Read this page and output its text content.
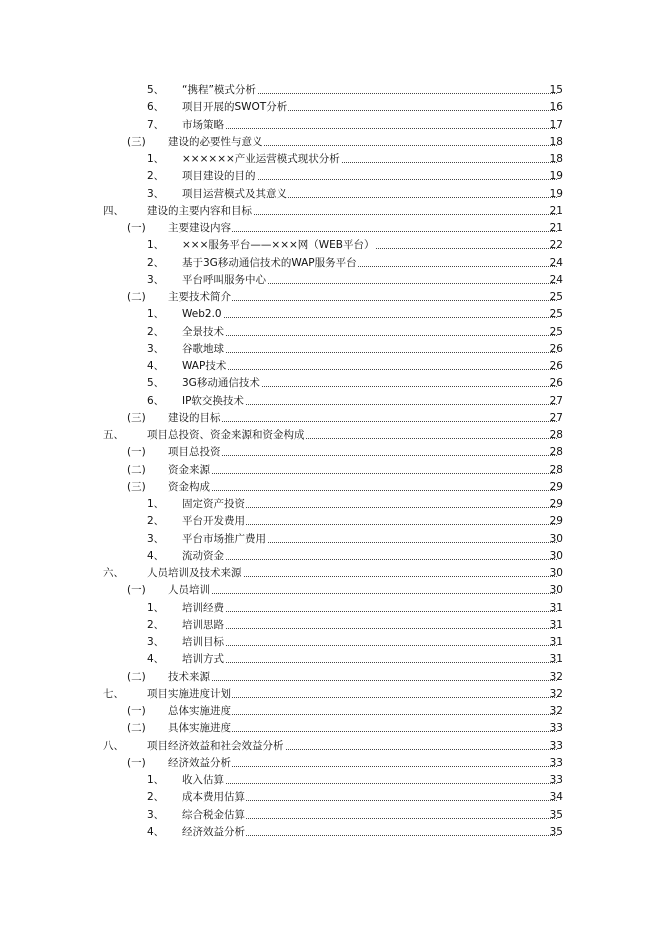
5、 “携程”模式分析	15
6、 项目开展的SWOT分析	16
7、 市场策略	17
(三) 建设的必要性与意义	18
1、 ××××××产业运营模式现状分析	18
2、 项目建设的目的	19
3、 项目运营模式及其意义	19
四、 建设的主要内容和目标	21
(一) 主要建设内容	21
1、 ×××服务平台——×××网（WEB平台）	22
2、 基于3G移动通信技术的WAP服务平台	24
3、 平台呼叫服务中心	24
(二) 主要技术简介	25
1、 Web2.0	25
2、 全景技术	25
3、 谷歌地球	26
4、 WAP技术	26
5、 3G移动通信技术	26
6、 IP软交换技术	27
(三) 建设的目标	27
五、 项目总投资、资金来源和资金构成	28
(一) 项目总投资	28
(二) 资金来源	28
(三) 资金构成	29
1、 固定资产投资	29
2、 平台开发费用	29
3、 平台市场推广费用	30
4、 流动资金	30
六、 人员培训及技术来源	30
(一) 人员培训	30
1、 培训经费	31
2、 培训思路	31
3、 培训目标	31
4、 培训方式	31
(二) 技术来源	32
七、 项目实施进度计划	32
(一) 总体实施进度	32
(二) 具体实施进度	33
八、 项目经济效益和社会效益分析	33
(一) 经济效益分析	33
1、 收入估算	33
2、 成本费用估算	34
3、 综合税金估算	35
4、 经济效益分析	35
